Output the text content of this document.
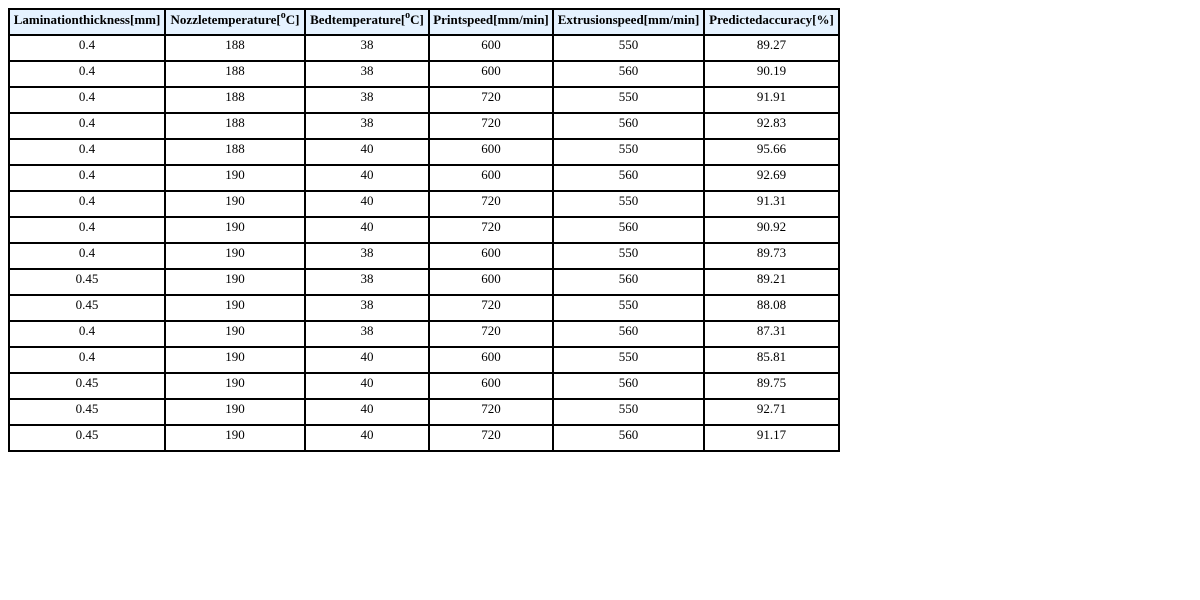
Laminationthickness[mm]	Nozzletemperature[$^o$C]	Bedtemperature[$^o$C]	Printspeed[mm/min]	Extrusionspeed[mm/min]	Predictedaccuracy[%]
0.4	188	38	600	550	89.27
0.4	188	38	600	560	90.19
0.4	188	38	720	550	91.91
0.4	188	38	720	560	92.83
0.4	188	40	600	550	95.66
0.4	190	40	600	560	92.69
0.4	190	40	720	550	91.31
0.4	190	40	720	560	90.92
0.4	190	38	600	550	89.73
0.45	190	38	600	560	89.21
0.45	190	38	720	550	88.08
0.4	190	38	720	560	87.31
0.4	190	40	600	550	85.81
0.45	190	40	600	560	89.75
0.45	190	40	720	550	92.71
0.45	190	40	720	560	91.17
